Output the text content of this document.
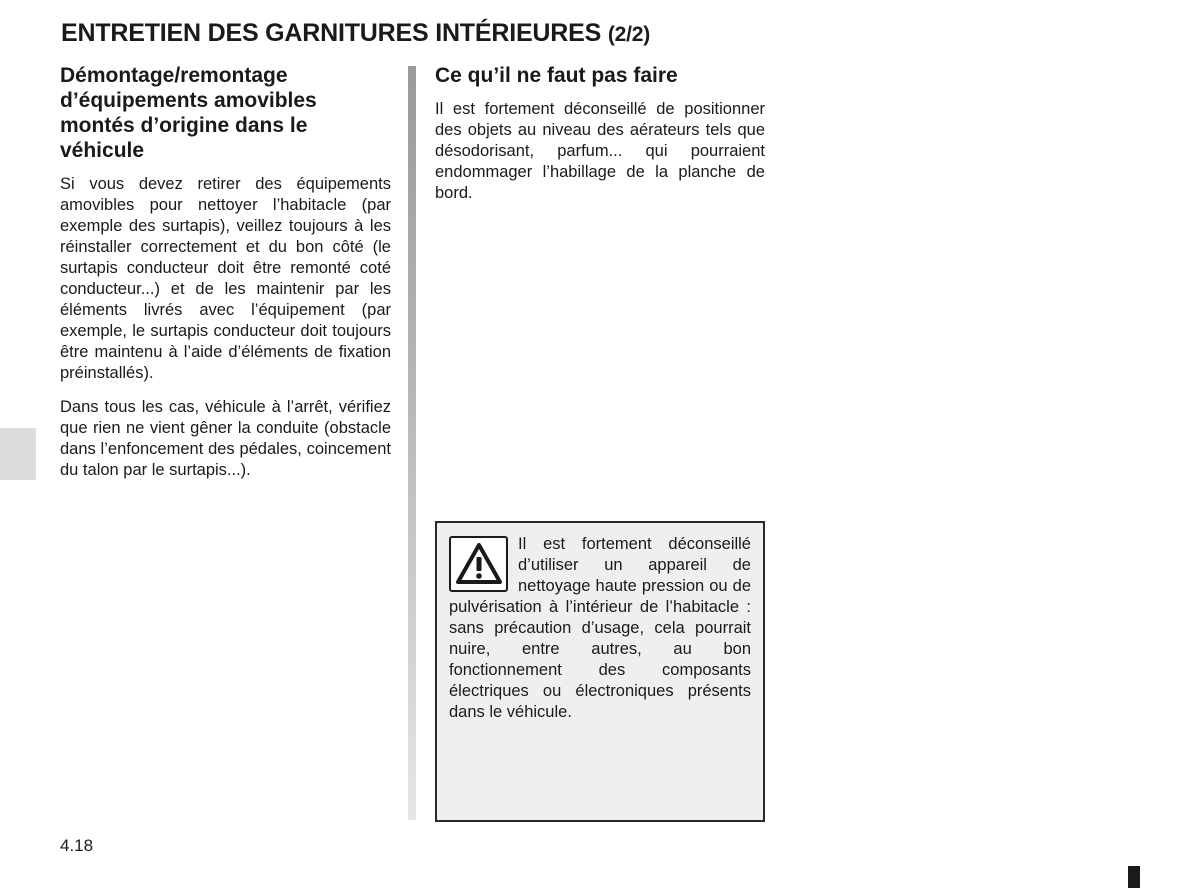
ENTRETIEN DES GARNITURES INTÉRIEURES (2/2)
Démontage/remontage d’équipements amovibles montés d’origine dans le véhicule

Si vous devez retirer des équipements amovibles pour nettoyer l’habitacle (par exemple des surtapis), veillez toujours à les réinstaller correctement et du bon côté (le surtapis conducteur doit être remonté coté conducteur...) et de les maintenir par les éléments livrés avec l’équipement (par exemple, le surtapis conducteur doit toujours être maintenu à l’aide d’éléments de fixation préinstallés).

Dans tous les cas, véhicule à l’arrêt, vérifiez que rien ne vient gêner la conduite (obstacle dans l’enfoncement des pédales, coincement du talon par le surtapis...).

Ce qu’il ne faut pas faire

Il est fortement déconseillé de positionner des objets au niveau des aérateurs tels que désodorisant, parfum... qui pourraient endommager l’habillage de la planche de bord.

Il est fortement déconseillé d’utiliser un appareil de nettoyage haute pression ou de pulvérisation à l’intérieur de l’habitacle : sans précaution d’usage, cela pourrait nuire, entre autres, au bon fonctionnement des composants électriques ou électroniques présents dans le véhicule.

4.18
